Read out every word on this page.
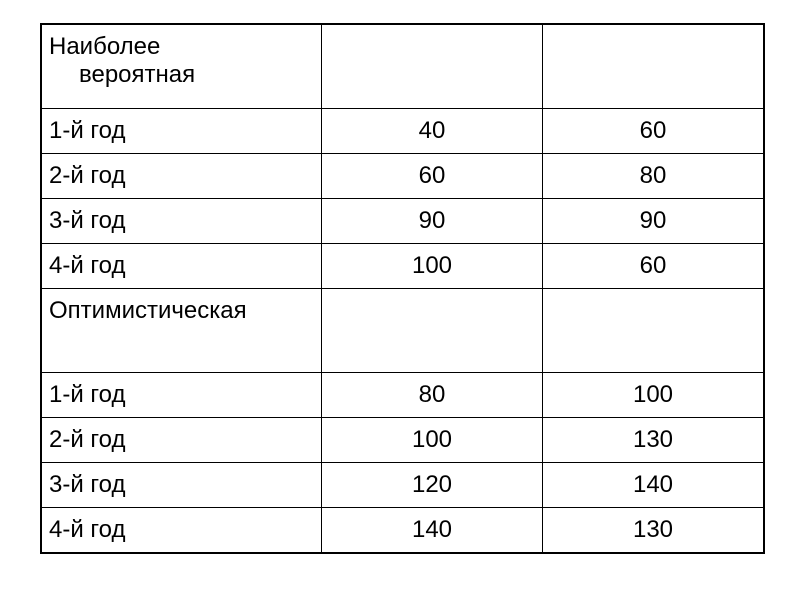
Наиболее
вероятная		

1-й год	40	60
2-й год	60	80
3-й год	90	90
4-й год	100	60

Оптимистическая		

1-й год	80	100
2-й год	100	130
3-й год	120	140
4-й год	140	130
